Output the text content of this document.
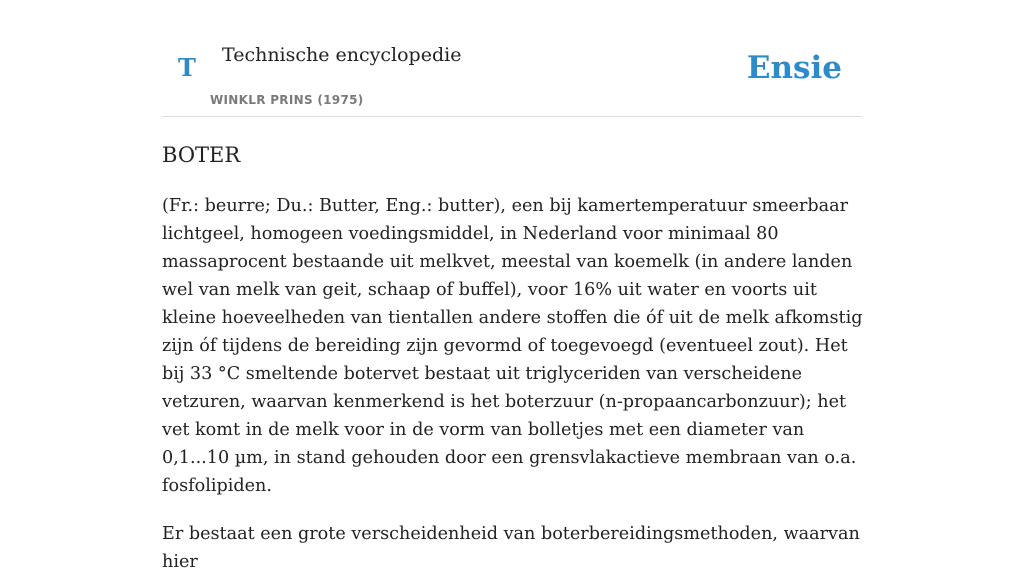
T Technische encyclopedie
WINKLR PRINS (1975)
Ensie
BOTER

(Fr.: beurre; Du.: Butter, Eng.: butter), een bij kamertemperatuur smeerbaar lichtgeel, homogeen voedingsmiddel, in Nederland voor minimaal 80 massaprocent bestaande uit melkvet, meestal van koemelk (in andere landen wel van melk van geit, schaap of buffel), voor 16% uit water en voorts uit kleine hoeveelheden van tientallen andere stoffen die óf uit de melk afkomstig zijn óf tijdens de bereiding zijn gevormd of toegevoegd (eventueel zout). Het bij 33 °C smeltende botervet bestaat uit triglyceriden van verscheidene vetzuren, waarvan kenmerkend is het boterzuur (n-propaancarbonzuur); het vet komt in de melk voor in de vorm van bolletjes met een diameter van 0,1...10 µm, in stand gehouden door een grensvlakactieve membraan van o.a. fosfolipiden.

Er bestaat een grote verscheidenheid van boterbereidingsmethoden, waarvan hier
